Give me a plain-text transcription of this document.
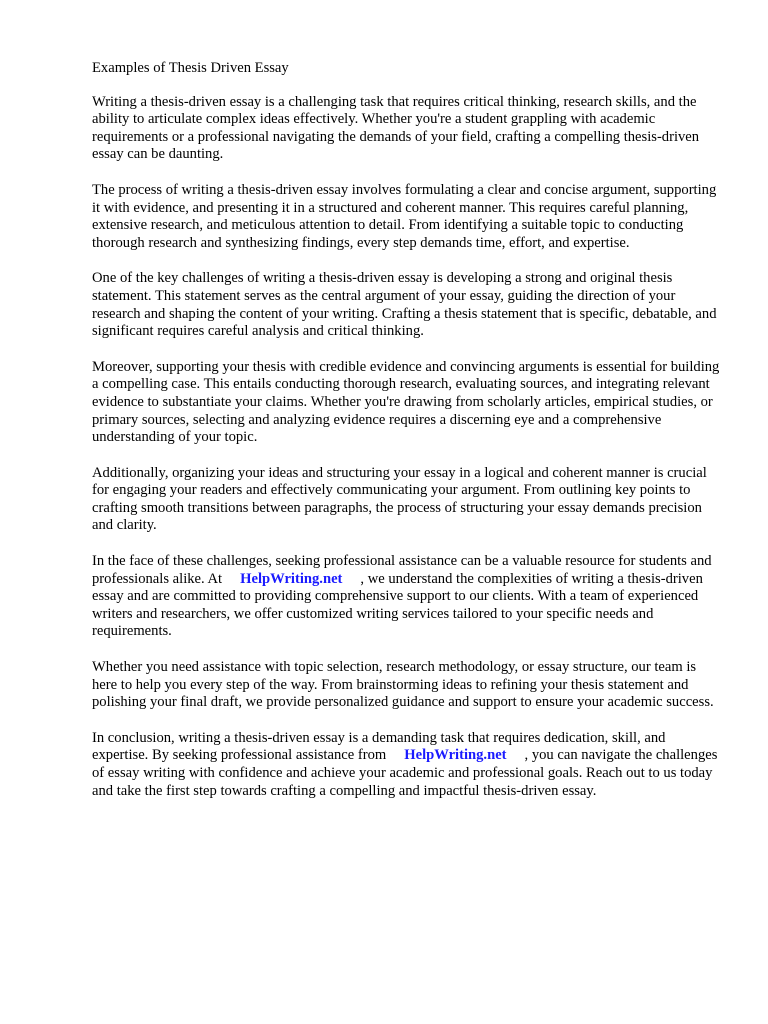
Examples of Thesis Driven Essay

Writing a thesis-driven essay is a challenging task that requires critical thinking, research skills, and the ability to articulate complex ideas effectively. Whether you're a student grappling with academic requirements or a professional navigating the demands of your field, crafting a compelling thesis-driven essay can be daunting.

The process of writing a thesis-driven essay involves formulating a clear and concise argument, supporting it with evidence, and presenting it in a structured and coherent manner. This requires careful planning, extensive research, and meticulous attention to detail. From identifying a suitable topic to conducting thorough research and synthesizing findings, every step demands time, effort, and expertise.

One of the key challenges of writing a thesis-driven essay is developing a strong and original thesis statement. This statement serves as the central argument of your essay, guiding the direction of your research and shaping the content of your writing. Crafting a thesis statement that is specific, debatable, and significant requires careful analysis and critical thinking.

Moreover, supporting your thesis with credible evidence and convincing arguments is essential for building a compelling case. This entails conducting thorough research, evaluating sources, and integrating relevant evidence to substantiate your claims. Whether you're drawing from scholarly articles, empirical studies, or primary sources, selecting and analyzing evidence requires a discerning eye and a comprehensive understanding of your topic.

Additionally, organizing your ideas and structuring your essay in a logical and coherent manner is crucial for engaging your readers and effectively communicating your argument. From outlining key points to crafting smooth transitions between paragraphs, the process of structuring your essay demands precision and clarity.

In the face of these challenges, seeking professional assistance can be a valuable resource for students and professionals alike. At HelpWriting.net , we understand the complexities of writing a thesis-driven essay and are committed to providing comprehensive support to our clients. With a team of experienced writers and researchers, we offer customized writing services tailored to your specific needs and requirements.

Whether you need assistance with topic selection, research methodology, or essay structure, our team is here to help you every step of the way. From brainstorming ideas to refining your thesis statement and polishing your final draft, we provide personalized guidance and support to ensure your academic success.

In conclusion, writing a thesis-driven essay is a demanding task that requires dedication, skill, and expertise. By seeking professional assistance from HelpWriting.net , you can navigate the challenges of essay writing with confidence and achieve your academic and professional goals. Reach out to us today and take the first step towards crafting a compelling and impactful thesis-driven essay.
